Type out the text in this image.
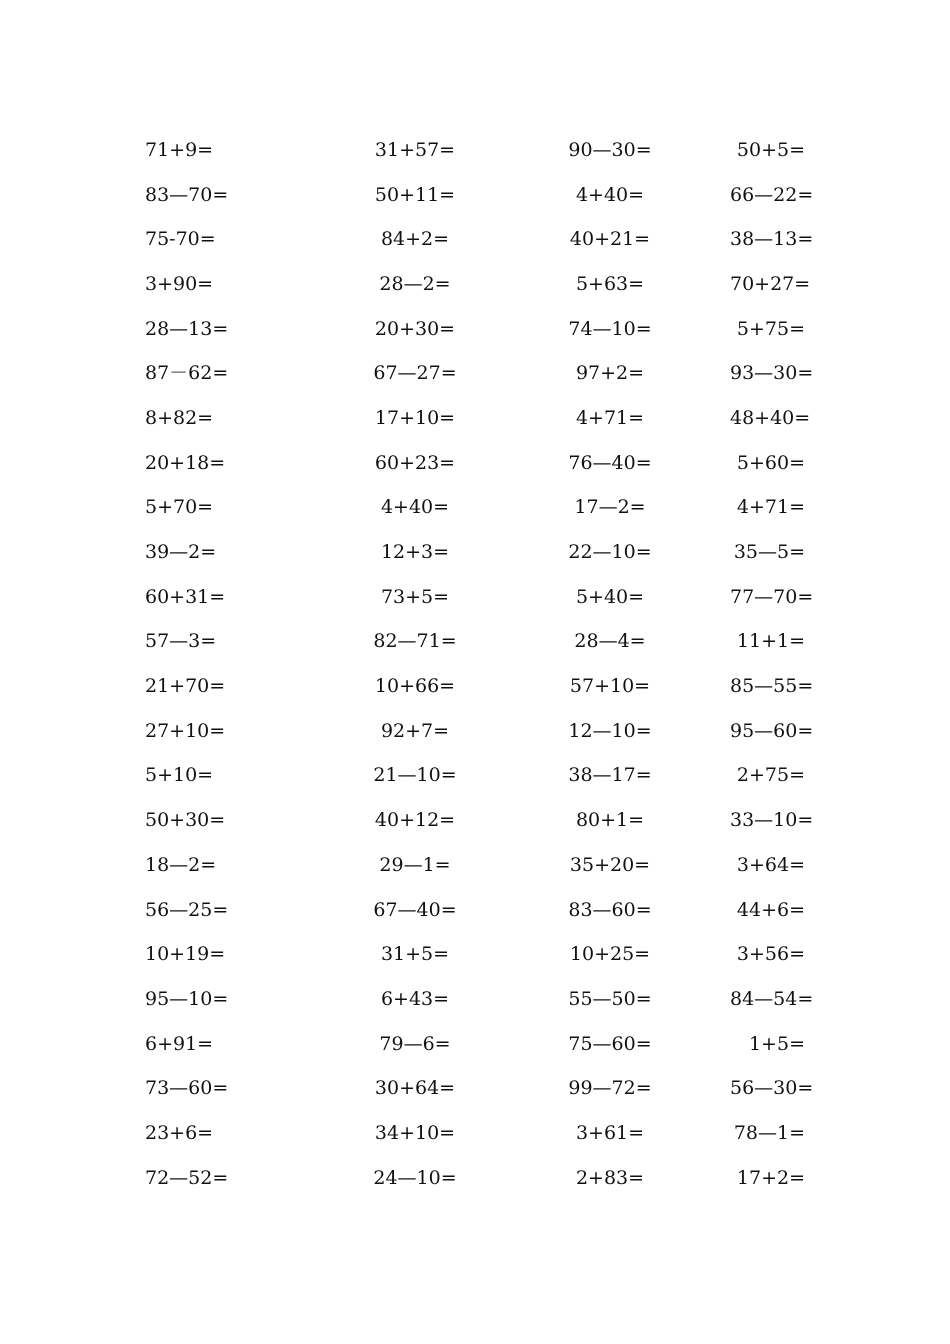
71+9=	31+57=	90—30=	50+5=
83—70=	50+11=	4+40=	66—22=
75-70=	84+2=	40+21=	38—13=
3+90=	28—2=	5+63=	70+27=
28—13=	20+30=	74—10=	5+75=
87－62=	67—27=	97+2=	93—30=
8+82=	17+10=	4+71=	48+40=
20+18=	60+23=	76—40=	5+60=
5+70=	4+40=	17—2=	4+71=
39—2=	12+3=	22—10=	35—5=
60+31=	73+5=	5+40=	77—70=
57—3=	82—71=	28—4=	11+1=
21+70=	10+66=	57+10=	85—55=
27+10=	92+7=	12—10=	95—60=
5+10=	21—10=	38—17=	2+75=
50+30=	40+12=	80+1=	33—10=
18—2=	29—1=	35+20=	3+64=
56—25=	67—40=	83—60=	44+6=
10+19=	31+5=	10+25=	3+56=
95—10=	6+43=	55—50=	84—54=
6+91=	79—6=	75—60=	1+5=
73—60=	30+64=	99—72=	56—30=
23+6=	34+10=	3+61=	78—1=
72—52=	24—10=	2+83=	17+2=
